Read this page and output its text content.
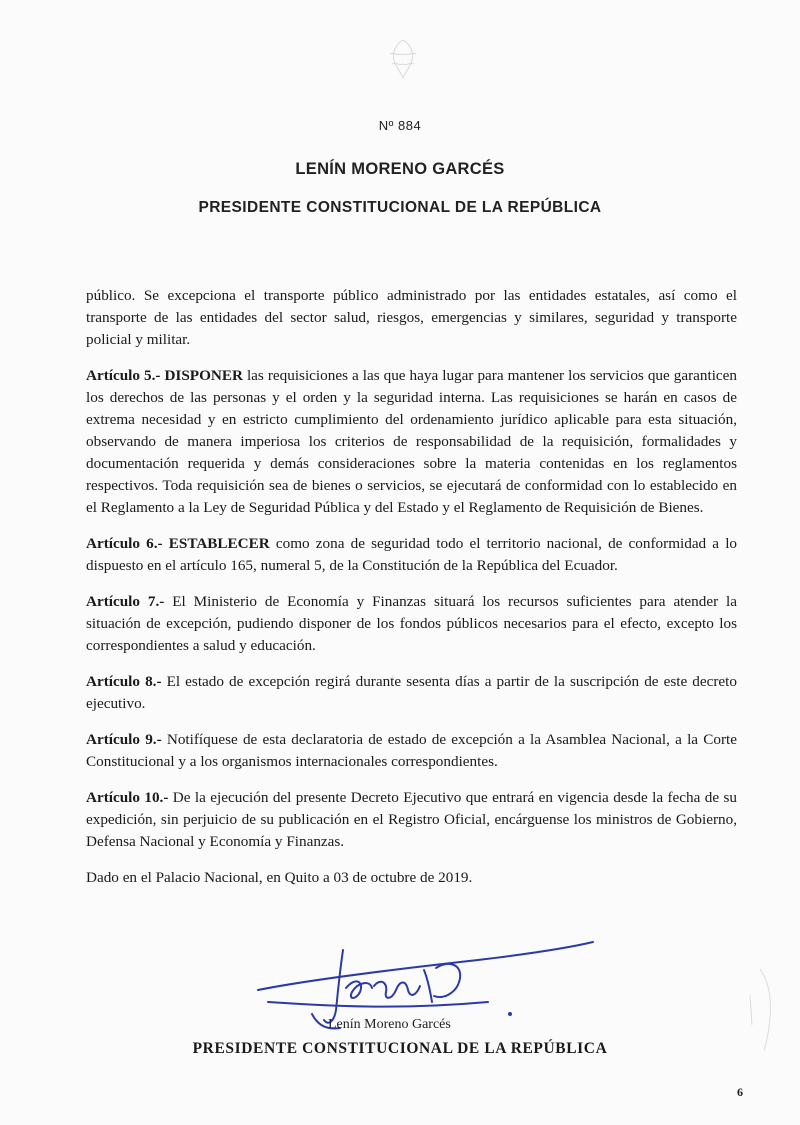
Nº 884
LENÍN MORENO GARCÉS
PRESIDENTE CONSTITUCIONAL DE LA REPÚBLICA

público. Se excepciona el transporte público administrado por las entidades estatales, así como el transporte de las entidades del sector salud, riesgos, emergencias y similares, seguridad y transporte policial y militar.

Artículo 5.- DISPONER las requisiciones a las que haya lugar para mantener los servicios que garanticen los derechos de las personas y el orden y la seguridad interna. Las requisiciones se harán en casos de extrema necesidad y en estricto cumplimiento del ordenamiento jurídico aplicable para esta situación, observando de manera imperiosa los criterios de responsabilidad de la requisición, formalidades y documentación requerida y demás consideraciones sobre la materia contenidas en los reglamentos respectivos. Toda requisición sea de bienes o servicios, se ejecutará de conformidad con lo establecido en el Reglamento a la Ley de Seguridad Pública y del Estado y el Reglamento de Requisición de Bienes.

Artículo 6.- ESTABLECER como zona de seguridad todo el territorio nacional, de conformidad a lo dispuesto en el artículo 165, numeral 5, de la Constitución de la República del Ecuador.

Artículo 7.- El Ministerio de Economía y Finanzas situará los recursos suficientes para atender la situación de excepción, pudiendo disponer de los fondos públicos necesarios para el efecto, excepto los correspondientes a salud y educación.

Artículo 8.- El estado de excepción regirá durante sesenta días a partir de la suscripción de este decreto ejecutivo.

Artículo 9.- Notifíquese de esta declaratoria de estado de excepción a la Asamblea Nacional, a la Corte Constitucional y a los organismos internacionales correspondientes.

Artículo 10.- De la ejecución del presente Decreto Ejecutivo que entrará en vigencia desde la fecha de su expedición, sin perjuicio de su publicación en el Registro Oficial, encárguense los ministros de Gobierno, Defensa Nacional y Economía y Finanzas.

Dado en el Palacio Nacional, en Quito a 03 de octubre de 2019.

Lenín Moreno Garcés
PRESIDENTE CONSTITUCIONAL DE LA REPÚBLICA
6
